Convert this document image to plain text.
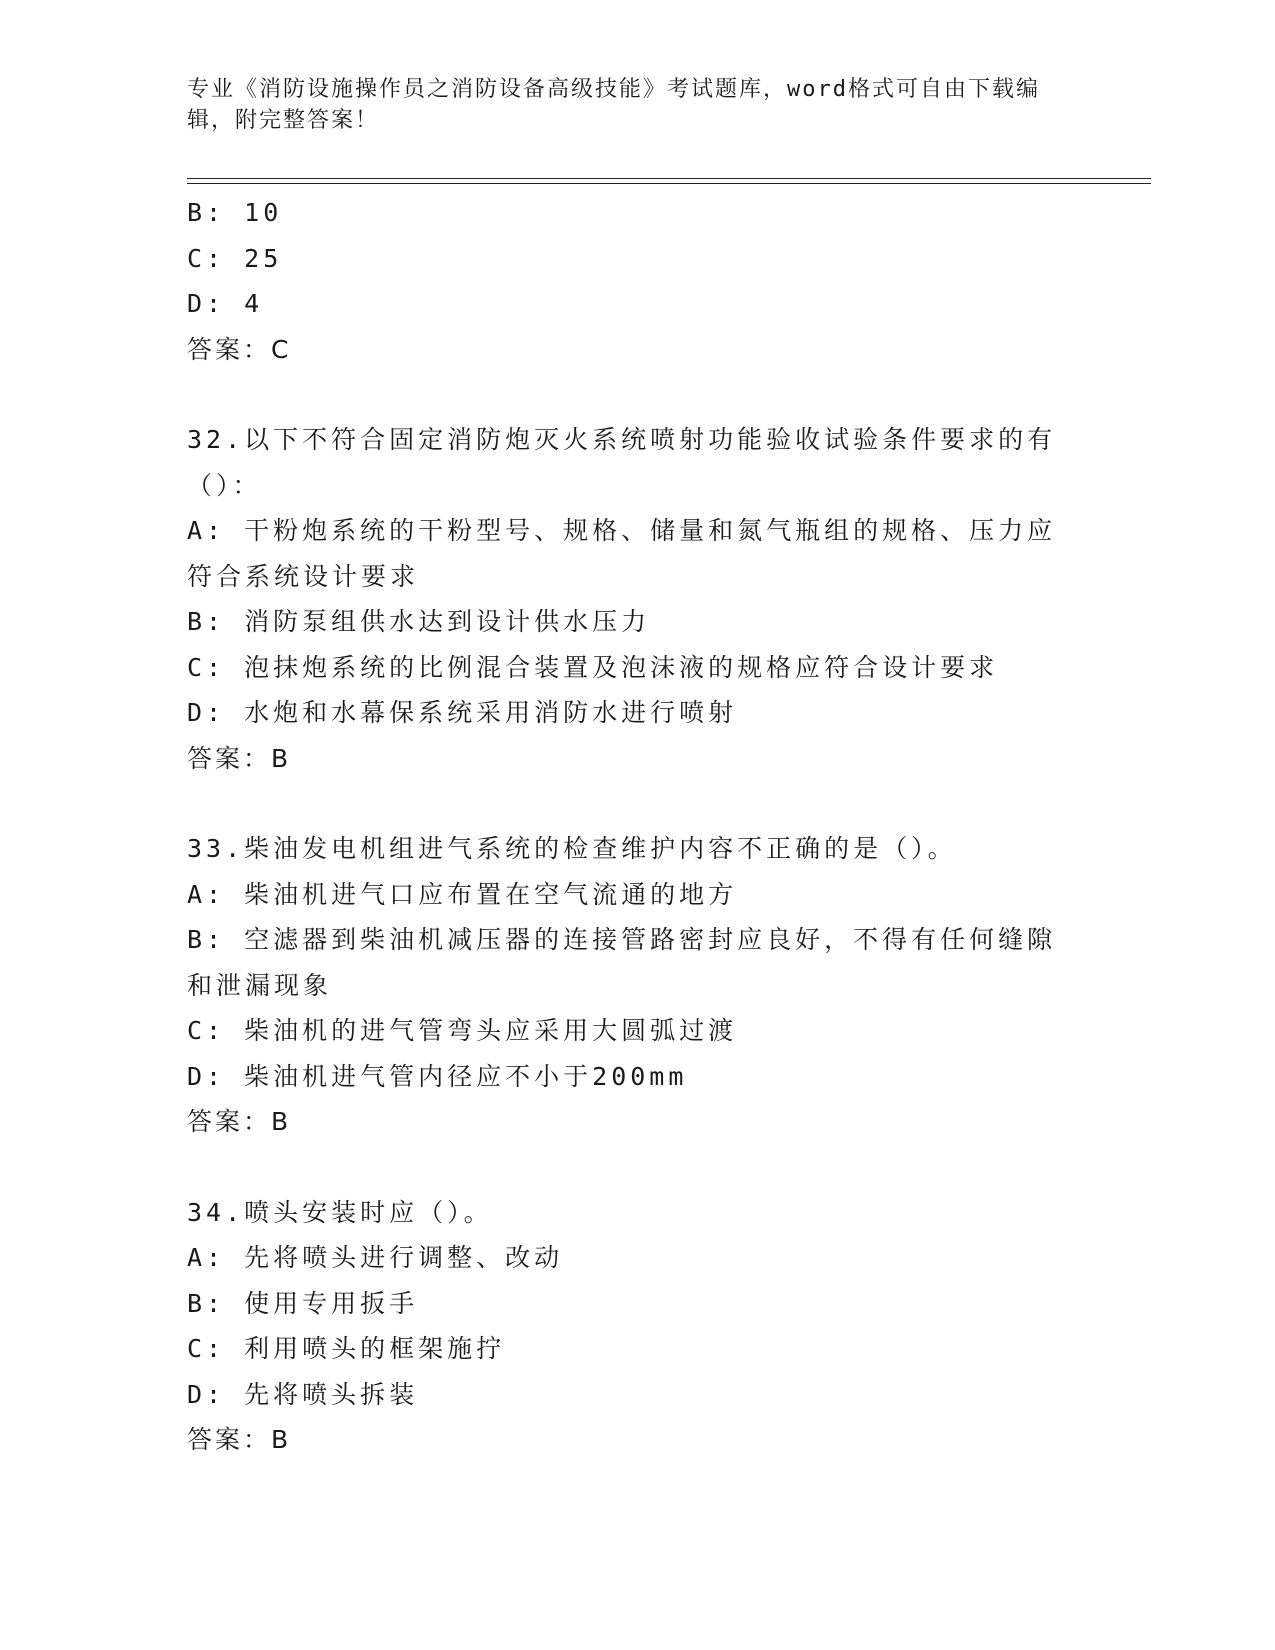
专业《消防设施操作员之消防设备高级技能》考试题库，word格式可自由下载编辑，附完整答案！
B: 10
C: 25
D: 4
答案：C
32.以下不符合固定消防炮灭火系统喷射功能验收试验条件要求的有（）：
A: 干粉炮系统的干粉型号、规格、储量和氮气瓶组的规格、压力应符合系统设计要求
B: 消防泵组供水达到设计供水压力
C: 泡抹炮系统的比例混合装置及泡沫液的规格应符合设计要求
D: 水炮和水幕保系统采用消防水进行喷射
答案：B
33.柴油发电机组进气系统的检查维护内容不正确的是（）。
A: 柴油机进气口应布置在空气流通的地方
B: 空滤器到柴油机减压器的连接管路密封应良好，不得有任何缝隙和泄漏现象
C: 柴油机的进气管弯头应采用大圆弧过渡
D: 柴油机进气管内径应不小于200mm
答案：B
34.喷头安装时应（）。
A: 先将喷头进行调整、改动
B: 使用专用扳手
C: 利用喷头的框架施拧
D: 先将喷头拆装
答案：B
